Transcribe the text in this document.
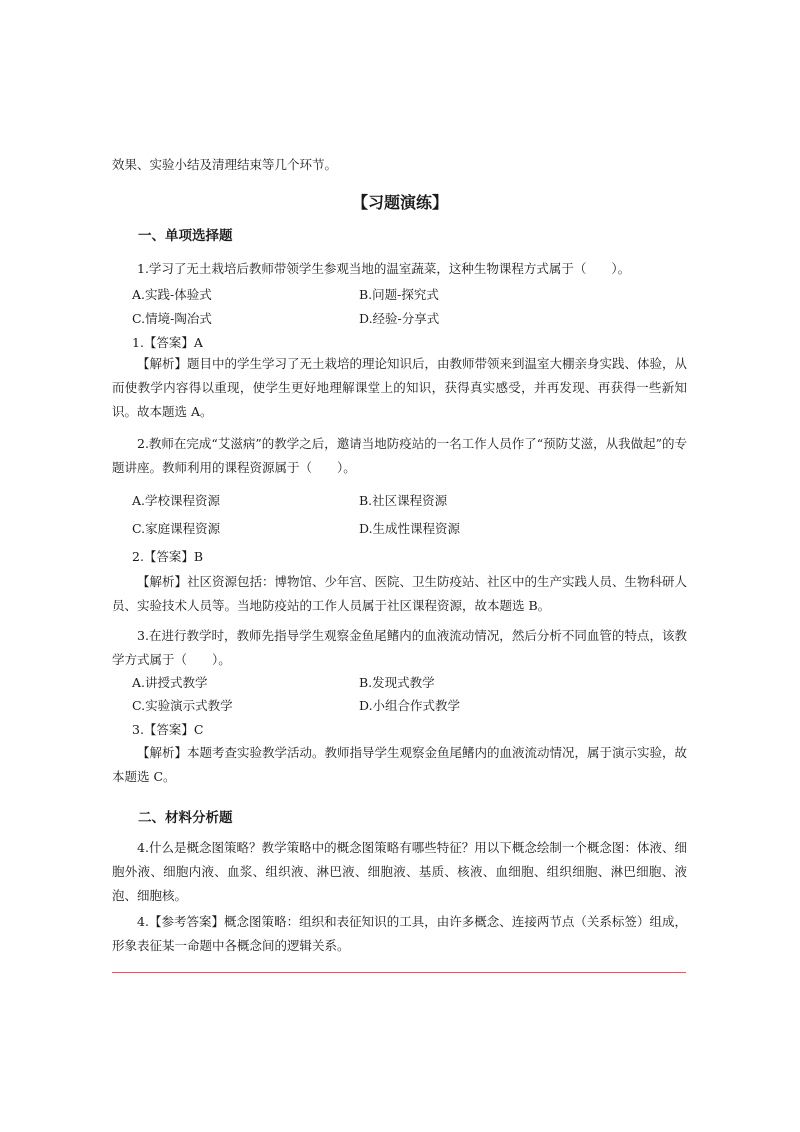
效果、实验小结及清理结束等几个环节。
【习题演练】
一、单项选择题
1.学习了无土栽培后教师带领学生参观当地的温室蔬菜，这种生物课程方式属于（　　）。
A.实践-体验式	B.问题-探究式
C.情境-陶冶式	D.经验-分享式
1.【答案】A
【解析】题目中的学生学习了无土栽培的理论知识后，由教师带领来到温室大棚亲身实践、体验，从而使教学内容得以重现，使学生更好地理解课堂上的知识，获得真实感受，并再发现、再获得一些新知识。故本题选 A。
2.教师在完成“艾滋病”的教学之后，邀请当地防疫站的一名工作人员作了“预防艾滋，从我做起”的专题讲座。教师利用的课程资源属于（　　）。
A.学校课程资源	B.社区课程资源
C.家庭课程资源	D.生成性课程资源
2.【答案】B
【解析】社区资源包括：博物馆、少年宫、医院、卫生防疫站、社区中的生产实践人员、生物科研人员、实验技术人员等。当地防疫站的工作人员属于社区课程资源，故本题选 B。
3.在进行教学时，教师先指导学生观察金鱼尾鳍内的血液流动情况，然后分析不同血管的特点，该教学方式属于（　　）。
A.讲授式教学	B.发现式教学
C.实验演示式教学	D.小组合作式教学
3.【答案】C
【解析】本题考查实验教学活动。教师指导学生观察金鱼尾鳍内的血液流动情况，属于演示实验，故本题选 C。
二、材料分析题
4.什么是概念图策略？教学策略中的概念图策略有哪些特征？用以下概念绘制一个概念图：体液、细胞外液、细胞内液、血浆、组织液、淋巴液、细胞液、基质、核液、血细胞、组织细胞、淋巴细胞、液泡、细胞核。
4.【参考答案】概念图策略：组织和表征知识的工具，由许多概念、连接两节点（关系标签）组成，形象表征某一命题中各概念间的逻辑关系。
